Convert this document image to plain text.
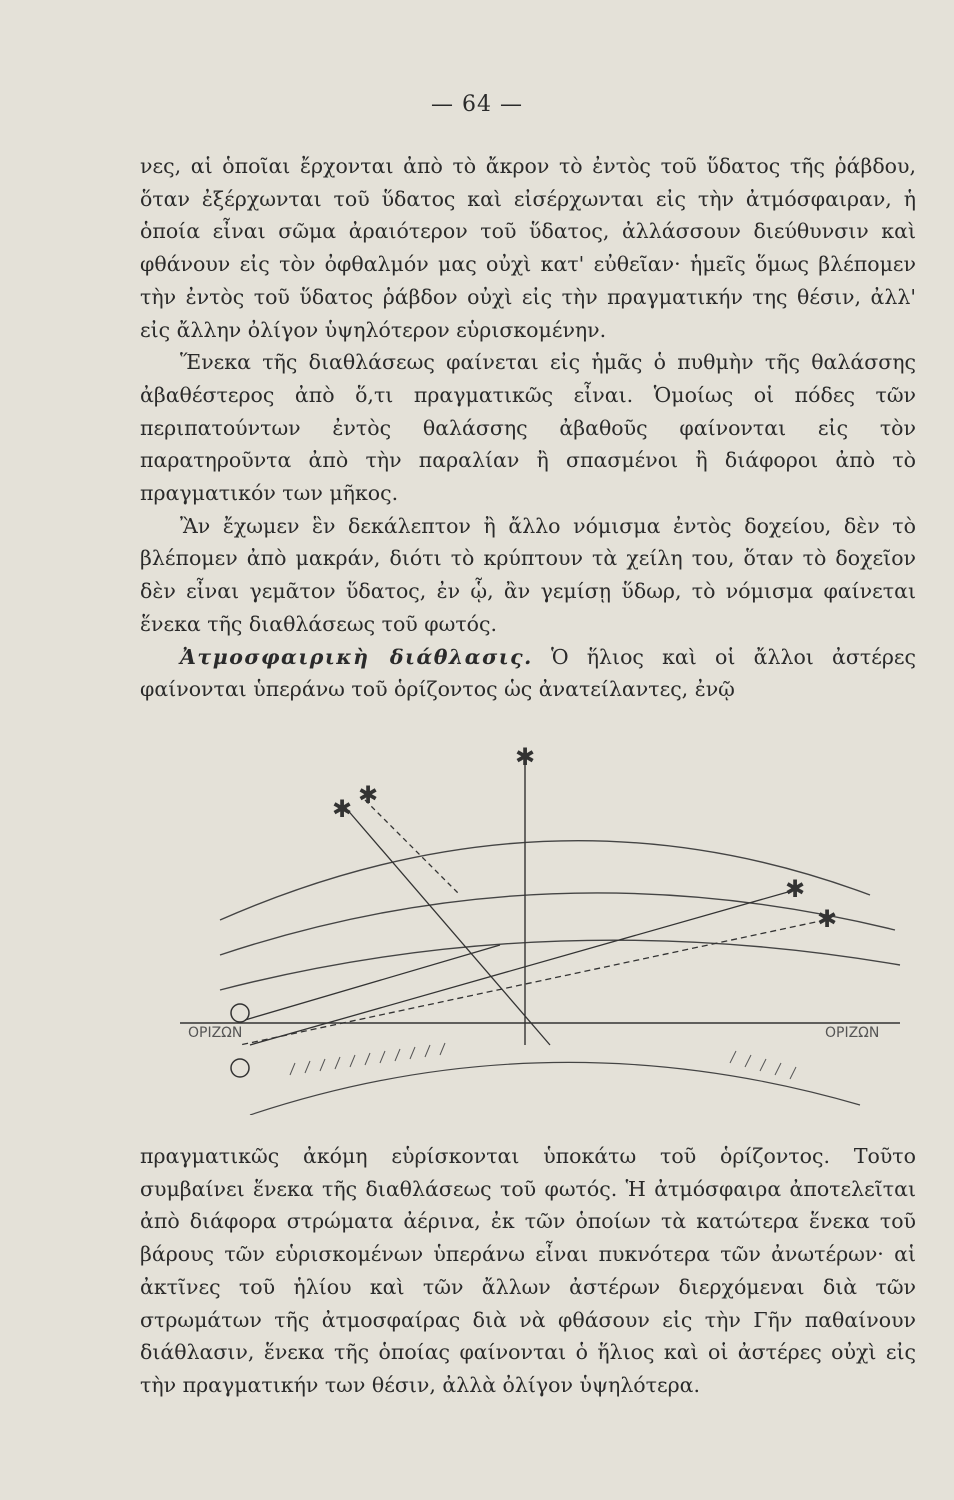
— 64 —

νες, αἱ ὁποῖαι ἔρχονται ἀπὸ τὸ ἄκρον τὸ ἐντὸς τοῦ ὕδατος τῆς ῥάβδου, ὅταν ἐξέρχωνται τοῦ ὕδατος καὶ εἰσέρχωνται εἰς τὴν ἀτμόσφαιραν, ἡ ὁποία εἶναι σῶμα ἀραιότερον τοῦ ὕδατος, ἀλλάσσουν διεύθυνσιν καὶ φθάνουν εἰς τὸν ὀφθαλμόν μας οὐχὶ κατ' εὐθεῖαν· ἡμεῖς ὅμως βλέπομεν τὴν ἐντὸς τοῦ ὕδατος ῥάβδον οὐχὶ εἰς τὴν πραγματικήν της θέσιν, ἀλλ' εἰς ἄλλην ὀλίγον ὑψηλότερον εὑρισκομένην.

Ἕνεκα τῆς διαθλάσεως φαίνεται εἰς ἡμᾶς ὁ πυθμὴν τῆς θαλάσσης ἀβαθέστερος ἀπὸ ὅ,τι πραγματικῶς εἶναι. Ὁμοίως οἱ πόδες τῶν περιπατούντων ἐντὸς θαλάσσης ἀβαθοῦς φαίνονται εἰς τὸν παρατηροῦντα ἀπὸ τὴν παραλίαν ἢ σπασμένοι ἢ διάφοροι ἀπὸ τὸ πραγματικόν των μῆκος.

Ἂν ἔχωμεν ἓν δεκάλεπτον ἢ ἄλλο νόμισμα ἐντὸς δοχείου, δὲν τὸ βλέπομεν ἀπὸ μακράν, διότι τὸ κρύπτουν τὰ χείλη του, ὅταν τὸ δοχεῖον δὲν εἶναι γεμᾶτον ὕδατος, ἐν ᾧ, ἂν γεμίσῃ ὕδωρ, τὸ νόμισμα φαίνεται ἕνεκα τῆς διαθλάσεως τοῦ φωτός.

Ἀτμοσφαιρικὴ διάθλασις. Ὁ ἥλιος καὶ οἱ ἄλλοι ἀστέρες φαίνονται ὑπεράνω τοῦ ὁρίζοντος ὡς ἀνατείλαντες, ἐνῷ

✱
✱ ✱
✱
✱
ΟΡΙΖΩΝ	ΟΡΙΖΩΝ

πραγματικῶς ἀκόμη εὑρίσκονται ὑποκάτω τοῦ ὁρίζοντος. Τοῦτο συμβαίνει ἕνεκα τῆς διαθλάσεως τοῦ φωτός. Ἡ ἀτμόσφαιρα ἀποτελεῖται ἀπὸ διάφορα στρώματα ἀέρινα, ἐκ τῶν ὁποίων τὰ κατώτερα ἕνεκα τοῦ βάρους τῶν εὑρισκομένων ὑπεράνω εἶναι πυκνότερα τῶν ἀνωτέρων· αἱ ἀκτῖνες τοῦ ἡλίου καὶ τῶν ἄλλων ἀστέρων διερχόμεναι διὰ τῶν στρωμάτων τῆς ἀτμοσφαίρας διὰ νὰ φθάσουν εἰς τὴν Γῆν παθαίνουν διάθλασιν, ἕνεκα τῆς ὁποίας φαίνονται ὁ ἥλιος καὶ οἱ ἀστέρες οὐχὶ εἰς τὴν πραγματικήν των θέσιν, ἀλλὰ ὀλίγον ὑψηλότερα.
